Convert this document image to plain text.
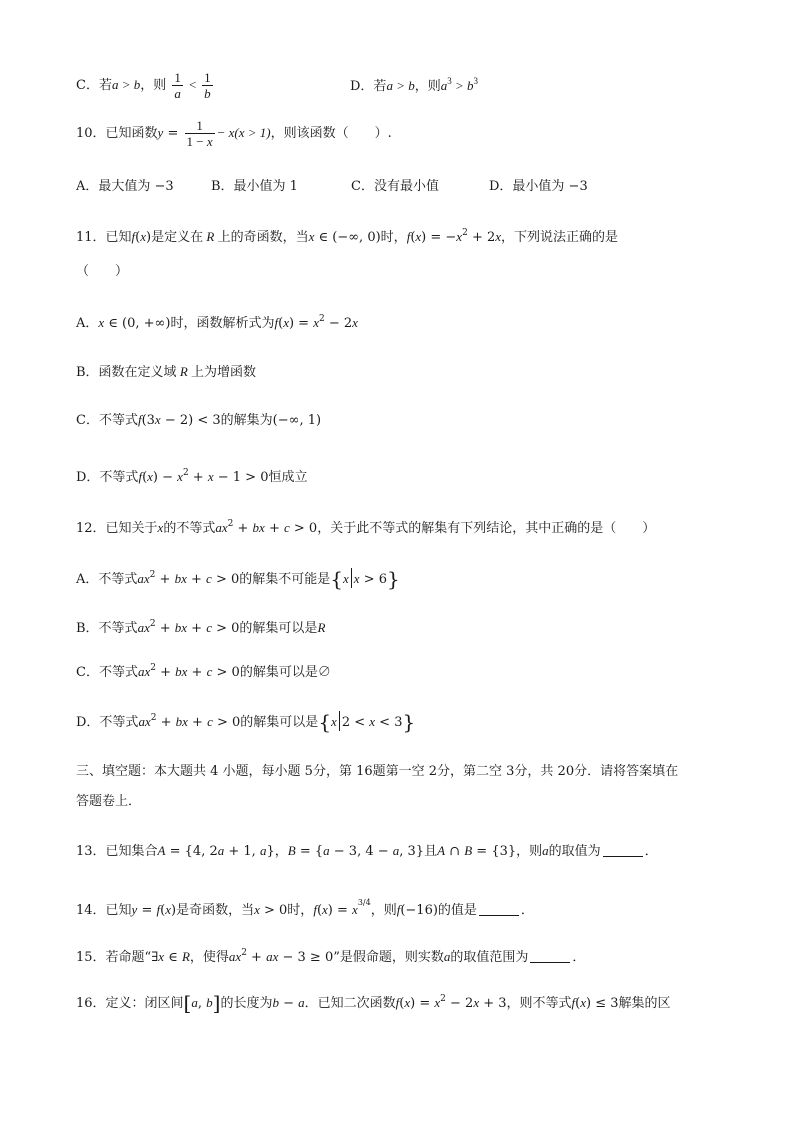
C．若a > b，则 $\frac{1}{a} < \frac{1}{b}$	D．若a > b，则$a^3 > b^3$
10．已知函数$y = \frac{1}{1 - x} - x(x > 1)$，则该函数（　　）.
A．最大值为 −3	B．最小值为 1	C．没有最小值	D．最小值为 −3
11．已知f(x)是定义在 R 上的奇函数，当x ∈ (−∞, 0)时，$f(x) = -x^2 + 2x$，下列说法正确的是
（　　）
A．x ∈ (0, +∞)时，函数解析式为$f(x) = x^2 - 2x$
B．函数在定义域 R 上为增函数
C．不等式f(3x − 2) < 3的解集为(−∞, 1)
D．不等式$f(x) - x^2 + x - 1 > 0$恒成立
12．已知关于x的不等式$ax^2$ + bx + c > 0，关于此不等式的解集有下列结论，其中正确的是（　　）
A．不等式$ax^2$ + bx + c > 0的解集不可能是{x x > 6}
B．不等式$ax^2$ + bx + c > 0的解集可以是R
C．不等式$ax^2$ + bx + c > 0的解集可以是∅
D．不等式$ax^2$ + bx + c > 0的解集可以是{x 2 < x < 3}
三、填空题：本大题共 4 小题，每小题 5分，第 16题第一空 2分，第二空 3分，共 20分．请将答案填在
答题卷上．
13．已知集合A = {4, 2a + 1, a}，B = {a − 3, 4 − a, 3}且A ∩ B = {3}，则a的取值为	．
14．已知y = f(x)是奇函数，当x > 0时，$f(x) = x^{3/4}$，则f(−16)的值是	．
15．若命题“∃x ∈ R，使得$ax^2$ + ax − 3 ≥ 0”是假命题，则实数a的取值范围为	．
16．定义：闭区间[a, b]的长度为b − a．已知二次函数$f(x) = x^2 - 2x + 3$，则不等式f(x) ≤ 3解集的区
